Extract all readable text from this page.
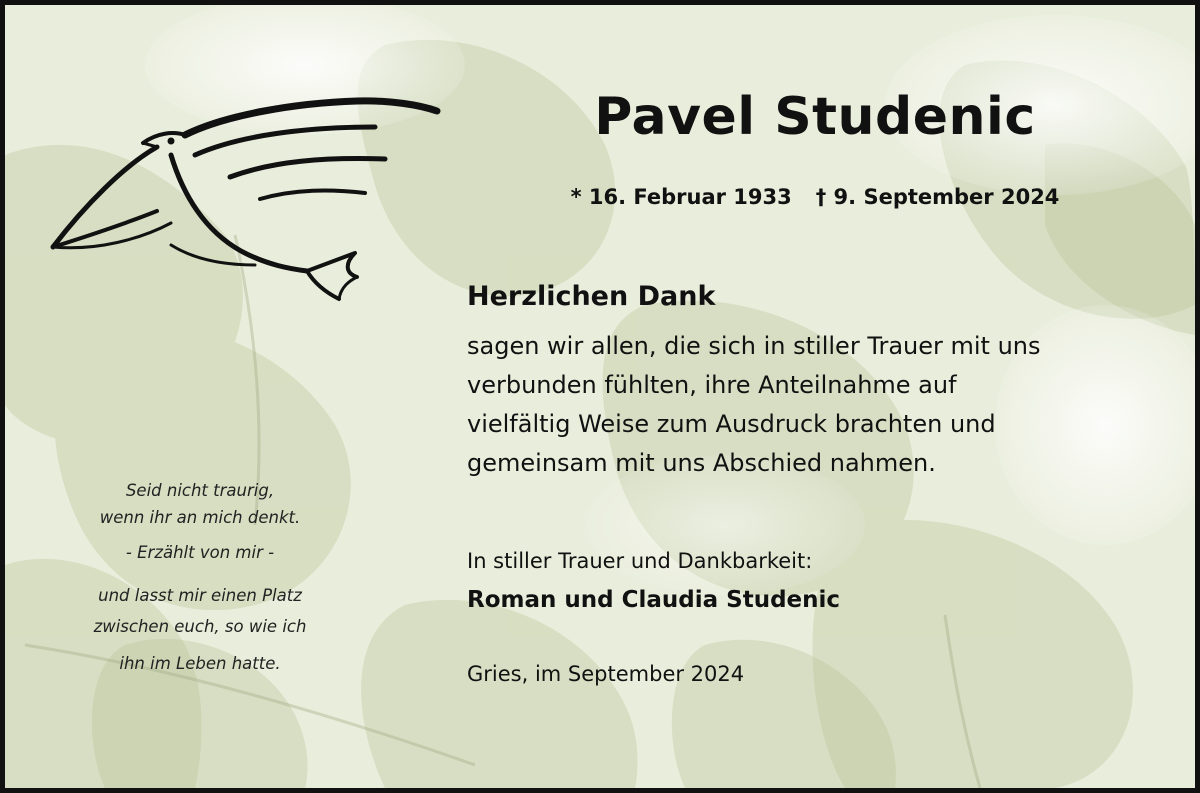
Pavel Studenic
* 16. Februar 1933 † 9. September 2024
Herzlichen Dank
sagen wir allen, die sich in stiller Trauer mit uns
verbunden fühlten, ihre Anteilnahme auf
vielfältig Weise zum Ausdruck brachten und
gemeinsam mit uns Abschied nahmen.
In stiller Trauer und Dankbarkeit:
Roman und Claudia Studenic
Gries, im September 2024
Seid nicht traurig,
wenn ihr an mich denkt.
- Erzählt von mir -
und lasst mir einen Platz
zwischen euch, so wie ich
ihn im Leben hatte.
